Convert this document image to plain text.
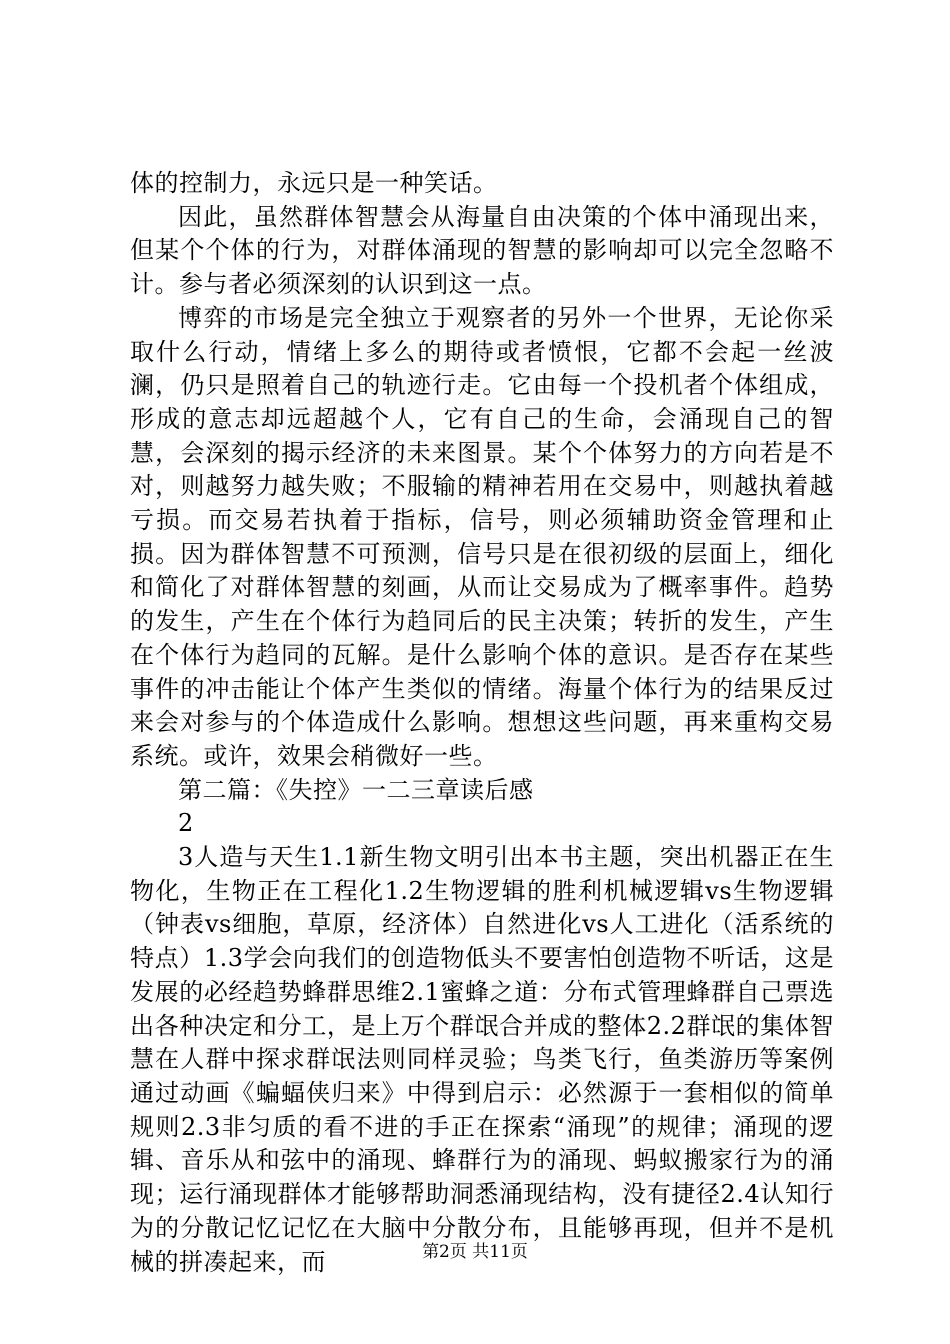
体的控制力，永远只是一种笑话。

因此，虽然群体智慧会从海量自由决策的个体中涌现出来，但某个个体的行为，对群体涌现的智慧的影响却可以完全忽略不计。参与者必须深刻的认识到这一点。

博弈的市场是完全独立于观察者的另外一个世界，无论你采取什么行动，情绪上多么的期待或者愤恨，它都不会起一丝波澜，仍只是照着自己的轨迹行走。它由每一个投机者个体组成，形成的意志却远超越个人，它有自己的生命，会涌现自己的智慧，会深刻的揭示经济的未来图景。某个个体努力的方向若是不对，则越努力越失败；不服输的精神若用在交易中，则越执着越亏损。而交易若执着于指标，信号，则必须辅助资金管理和止损。因为群体智慧不可预测，信号只是在很初级的层面上，细化和简化了对群体智慧的刻画，从而让交易成为了概率事件。趋势的发生，产生在个体行为趋同后的民主决策；转折的发生，产生在个体行为趋同的瓦解。是什么影响个体的意识。是否存在某些事件的冲击能让个体产生类似的情绪。海量个体行为的结果反过来会对参与的个体造成什么影响。想想这些问题，再来重构交易系统。或许，效果会稍微好一些。

第二篇：《失控》一二三章读后感

2

3人造与天生1.1新生物文明引出本书主题，突出机器正在生物化，生物正在工程化1.2生物逻辑的胜利机械逻辑vs生物逻辑（钟表vs细胞，草原，经济体）自然进化vs人工进化（活系统的特点）1.3学会向我们的创造物低头不要害怕创造物不听话，这是发展的必经趋势蜂群思维2.1蜜蜂之道：分布式管理蜂群自己票选出各种决定和分工，是上万个群氓合并成的整体2.2群氓的集体智慧在人群中探求群氓法则同样灵验；鸟类飞行，鱼类游历等案例通过动画《蝙蝠侠归来》中得到启示：必然源于一套相似的简单规则2.3非匀质的看不进的手正在探索“涌现”的规律；涌现的逻辑、音乐从和弦中的涌现、蜂群行为的涌现、蚂蚁搬家行为的涌现；运行涌现群体才能够帮助洞悉涌现结构，没有捷径2.4认知行为的分散记忆记忆在大脑中分散分布，且能够再现，但并不是机械的拼凑起来，而	第2页 共11页
